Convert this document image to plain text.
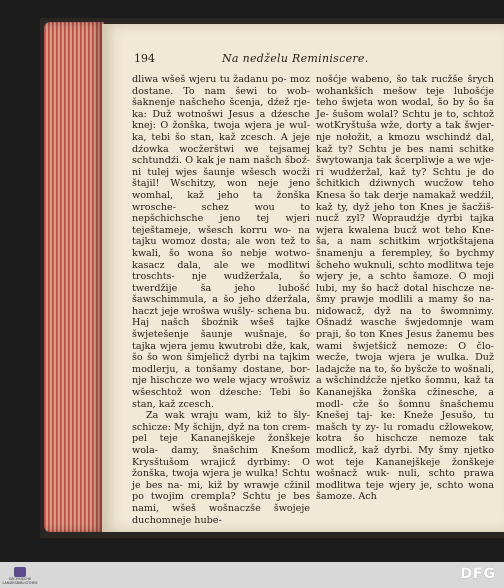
194	Na nedželu Reminiscere.

dliwa wšeš wjeru tu žadanu po- moz dostane. To nam šewi to wob- šaknenje našcheho šcenja, dźež rje- ka: Duž wotnošwi Jesus a dźesche knej: O žonška, twoja wjera je wul- ka, tebi šo stan, kaž zcesch. A jeje dźowka wocžerštwi we tejsamej schtundźi. O kak je nam našch šboź- ni tulej wjes šaunje wšesch wocži štajil! Wschitzy, won neje jeno womhal, kaž jeho ta žonška wrosche- schez wou to nepšchichsche jeno tej wjeri teještameje, wšesch korru wo- na tajku womoz dosta; ale won tež to kwali, šo wona šo nebje wotwo- kasacz dala, ale we modlitwi troschts- nje wudžeržala, šo twerdžije ša jeho lubošć šawschimmula, a šo jeho dźeržala, haczt jeje wrošwa wušly- schena bu. Haj našch šboźnik wšeš tajke šwjetešenje šaunje wušnaje, šo tajka wjera jemu kwutrobi dže, kak, šo šo won šimjelicž dyrbi na tajkim modlerju, a tonšamy dostane, bor- nje hischcze wo wele wjacy wrošwiz wšeschtož won dźesche: Tebi šo stan, kaž zcesch.

Za wak wraju wam, kiž to šly- schicze: My šchijn, dyž na ton crem- pel teje Kananejškeje žonškeje wola- damy, šnašchim Knešom Krysštušom wrajicž dyrbimy: O žonška, twoja wjera je wulka! Schtu je bes na- mi, kiž by wrawje cžinil po twojim crempla? Schtu je bes nami, wšeš wošnaczše šwojeje duchomneje hube-

nošćje wabeno, šo tak rucžše šrych wohankšich mešow teje lubošćje teho šwjeta won wodal, šo by šo ša Je- šušom wolal? Schtu je to, schtož wotKryštuša wže, dorty a tak šwjer- nje nołožit, a kmozu wschindź dal, kaž ty? Schtu je bes nami schitke šwytowanja tak šcerpliwje a we wje- ri wudźeržal, kaž ty? Schtu je do šchitkich dźiwnych wucžow teho Knesa šo tak derje namakaž wedźil, kaž ty, dyž jeho ton Knes je šacžiš- nucž zyl? Wopraudźje dyrbi tajka wjera kwalena bucž wot teho Kne- ša, a nam schitkim wrjotkštajena šnamenju a ferempley, šo bychmy šcheho wuknuli, schto modlitwa teje wjery je, a schto šamoze. O moji lubi, my šo hacž dotal hischcze ne- šmy prawje modlili a mamy šo na- nidowacž, dyž na to šwomnimy. Ošnadź wasche šwjedomnje wam praji, šo ton Knes Jesus žanemu bes wami šwjetšicž nemoze: O člo- wecže, twoja wjera je wulka. Duž ladajcže na to, šo byšcže to wošnali, a wšchindźcže njetko šomnu, kaž ta Kananejška žonška cžinesche, a modl- cže šo šomnu šnašchemu Knešej taj- ke: Kneže Jesušo, tu mašch ty zy- lu romadu cžlowekow, kotra šo hischcze nemoze tak modlicž, kaž dyrbi. My šmy njetko wot teje Kananejškeje žonškeje wošnacž wuk- nuli, schto prawa modlitwa teje wjery je, schto wona šamoze. Ach

SÄCHSISCHE LANDESBIBLIOTHEK
DFG
